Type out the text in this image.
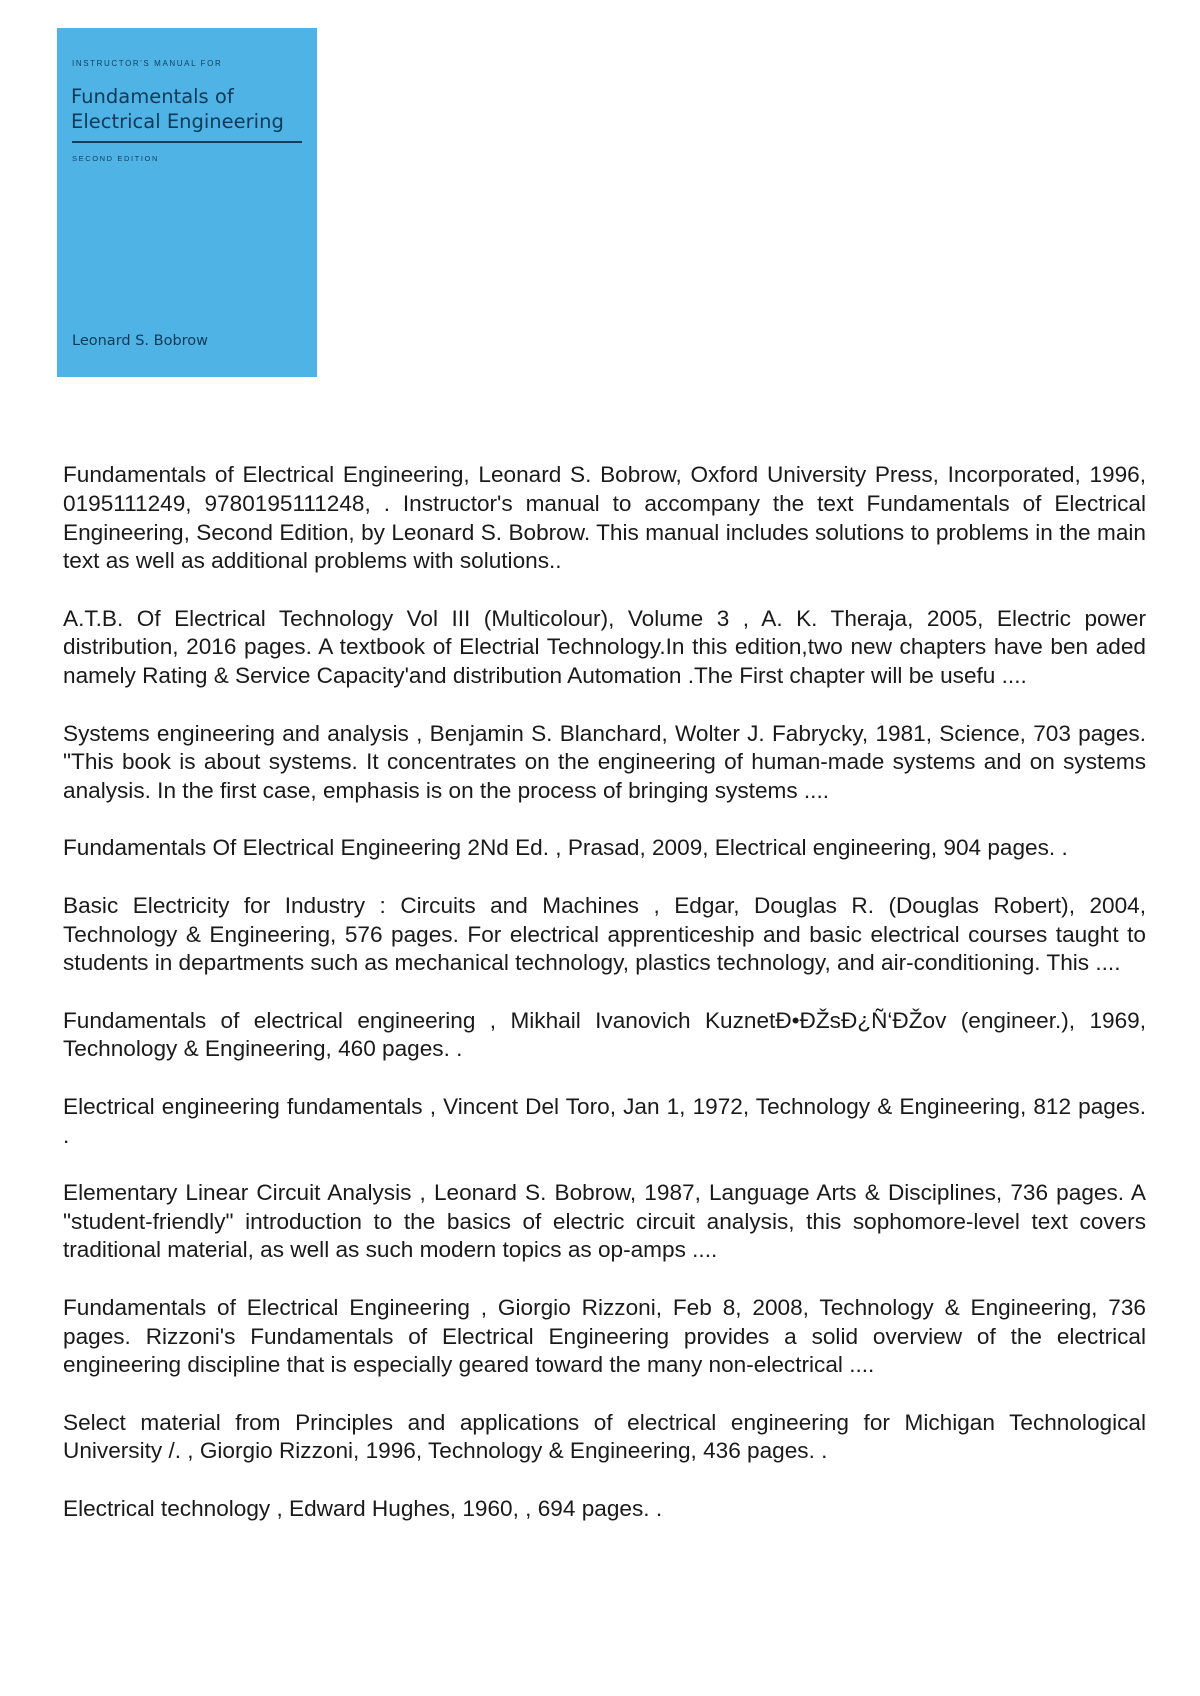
INSTRUCTOR'S MANUAL FOR
Fundamentals of
Electrical Engineering
SECOND EDITION
Leonard S. Bobrow

Fundamentals of Electrical Engineering, Leonard S. Bobrow, Oxford University Press, Incorporated, 1996, 0195111249, 9780195111248, . Instructor's manual to accompany the text Fundamentals of Electrical Engineering, Second Edition, by Leonard S. Bobrow. This manual includes solutions to problems in the main text as well as additional problems with solutions..

A.T.B. Of Electrical Technology Vol III (Multicolour), Volume 3 , A. K. Theraja, 2005, Electric power distribution, 2016 pages. A textbook of Electrial Technology.In this edition,two new chapters have ben aded namely Rating & Service Capacity'and distribution Automation .The First chapter will be usefu ....

Systems engineering and analysis , Benjamin S. Blanchard, Wolter J. Fabrycky, 1981, Science, 703 pages. "This book is about systems. It concentrates on the engineering of human-made systems and on systems analysis. In the first case, emphasis is on the process of bringing systems ....

Fundamentals Of Electrical Engineering 2Nd Ed. , Prasad, 2009, Electrical engineering, 904 pages. .

Basic Electricity for Industry : Circuits and Machines , Edgar, Douglas R. (Douglas Robert), 2004, Technology & Engineering, 576 pages. For electrical apprenticeship and basic electrical courses taught to students in departments such as mechanical technology, plastics technology, and air-conditioning. This ....

Fundamentals of electrical engineering , Mikhail Ivanovich KuznetÐ•ÐŽsÐ¿Ñ‘ÐŽov (engineer.), 1969, Technology & Engineering, 460 pages. .

Electrical engineering fundamentals , Vincent Del Toro, Jan 1, 1972, Technology & Engineering, 812 pages. .

Elementary Linear Circuit Analysis , Leonard S. Bobrow, 1987, Language Arts & Disciplines, 736 pages. A "student-friendly" introduction to the basics of electric circuit analysis, this sophomore-level text covers traditional material, as well as such modern topics as op-amps ....

Fundamentals of Electrical Engineering , Giorgio Rizzoni, Feb 8, 2008, Technology & Engineering, 736 pages. Rizzoni's Fundamentals of Electrical Engineering provides a solid overview of the electrical engineering discipline that is especially geared toward the many non-electrical ....

Select material from Principles and applications of electrical engineering for Michigan Technological University /. , Giorgio Rizzoni, 1996, Technology & Engineering, 436 pages. .

Electrical technology , Edward Hughes, 1960, , 694 pages. .
